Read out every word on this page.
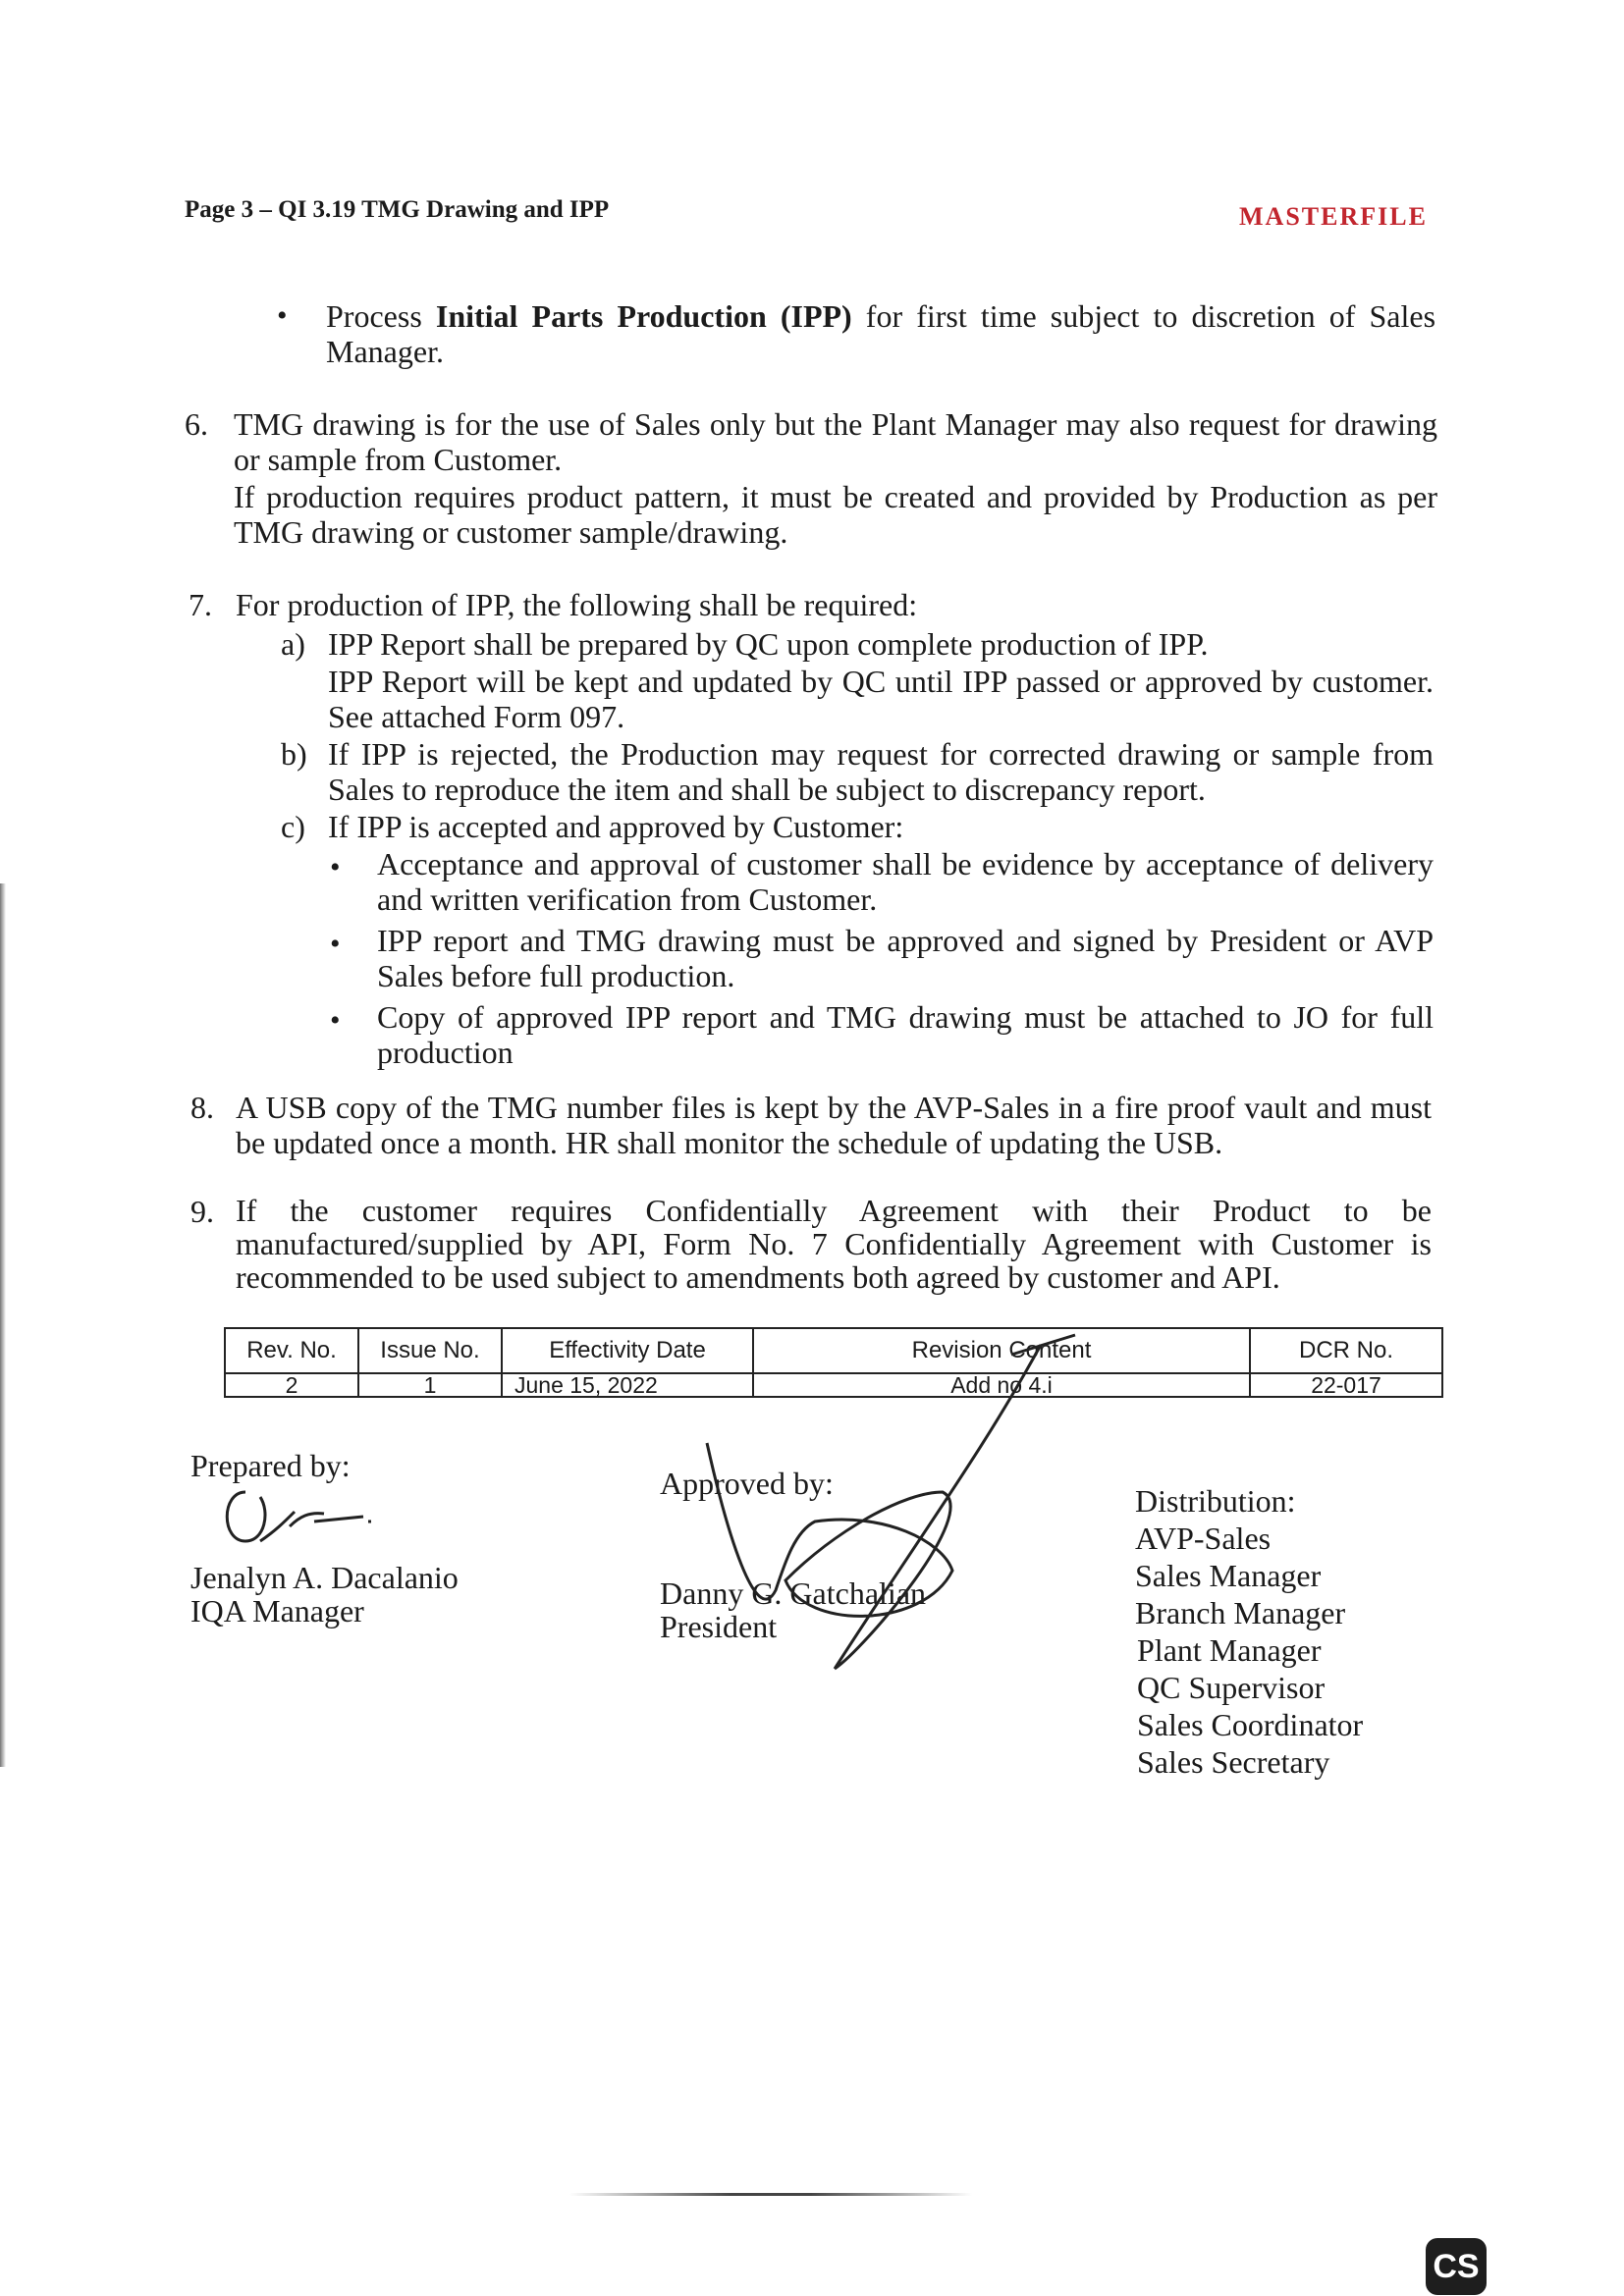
Page 3 – QI 3.19 TMG Drawing and IPP	MASTERFILE
• Process Initial Parts Production (IPP) for first time subject to discretion of Sales Manager.
6. TMG drawing is for the use of Sales only but the Plant Manager may also request for drawing or sample from Customer.
If production requires product pattern, it must be created and provided by Production as per TMG drawing or customer sample/drawing.
7. For production of IPP, the following shall be required:
a) IPP Report shall be prepared by QC upon complete production of IPP.
IPP Report will be kept and updated by QC until IPP passed or approved by customer. See attached Form 097.
b) If IPP is rejected, the Production may request for corrected drawing or sample from Sales to reproduce the item and shall be subject to discrepancy report.
c) If IPP is accepted and approved by Customer:
• Acceptance and approval of customer shall be evidence by acceptance of delivery and written verification from Customer.
• IPP report and TMG drawing must be approved and signed by President or AVP Sales before full production.
• Copy of approved IPP report and TMG drawing must be attached to JO for full production
8. A USB copy of the TMG number files is kept by the AVP-Sales in a fire proof vault and must be updated once a month. HR shall monitor the schedule of updating the USB.
9. If the customer requires Confidentially Agreement with their Product to be manufactured/supplied by API, Form No. 7 Confidentially Agreement with Customer is recommended to be used subject to amendments both agreed by customer and API.
Rev. No.	Issue No.	Effectivity Date	Revision Content	DCR No.
2	1	June 15, 2022	Add no 4.i	22-017
Prepared by:
Jenalyn A. Dacalanio
IQA Manager
Approved by:
Danny G. Gatchalian
President
Distribution:
AVP-Sales
Sales Manager
Branch Manager
Plant Manager
QC Supervisor
Sales Coordinator
Sales Secretary
CS
